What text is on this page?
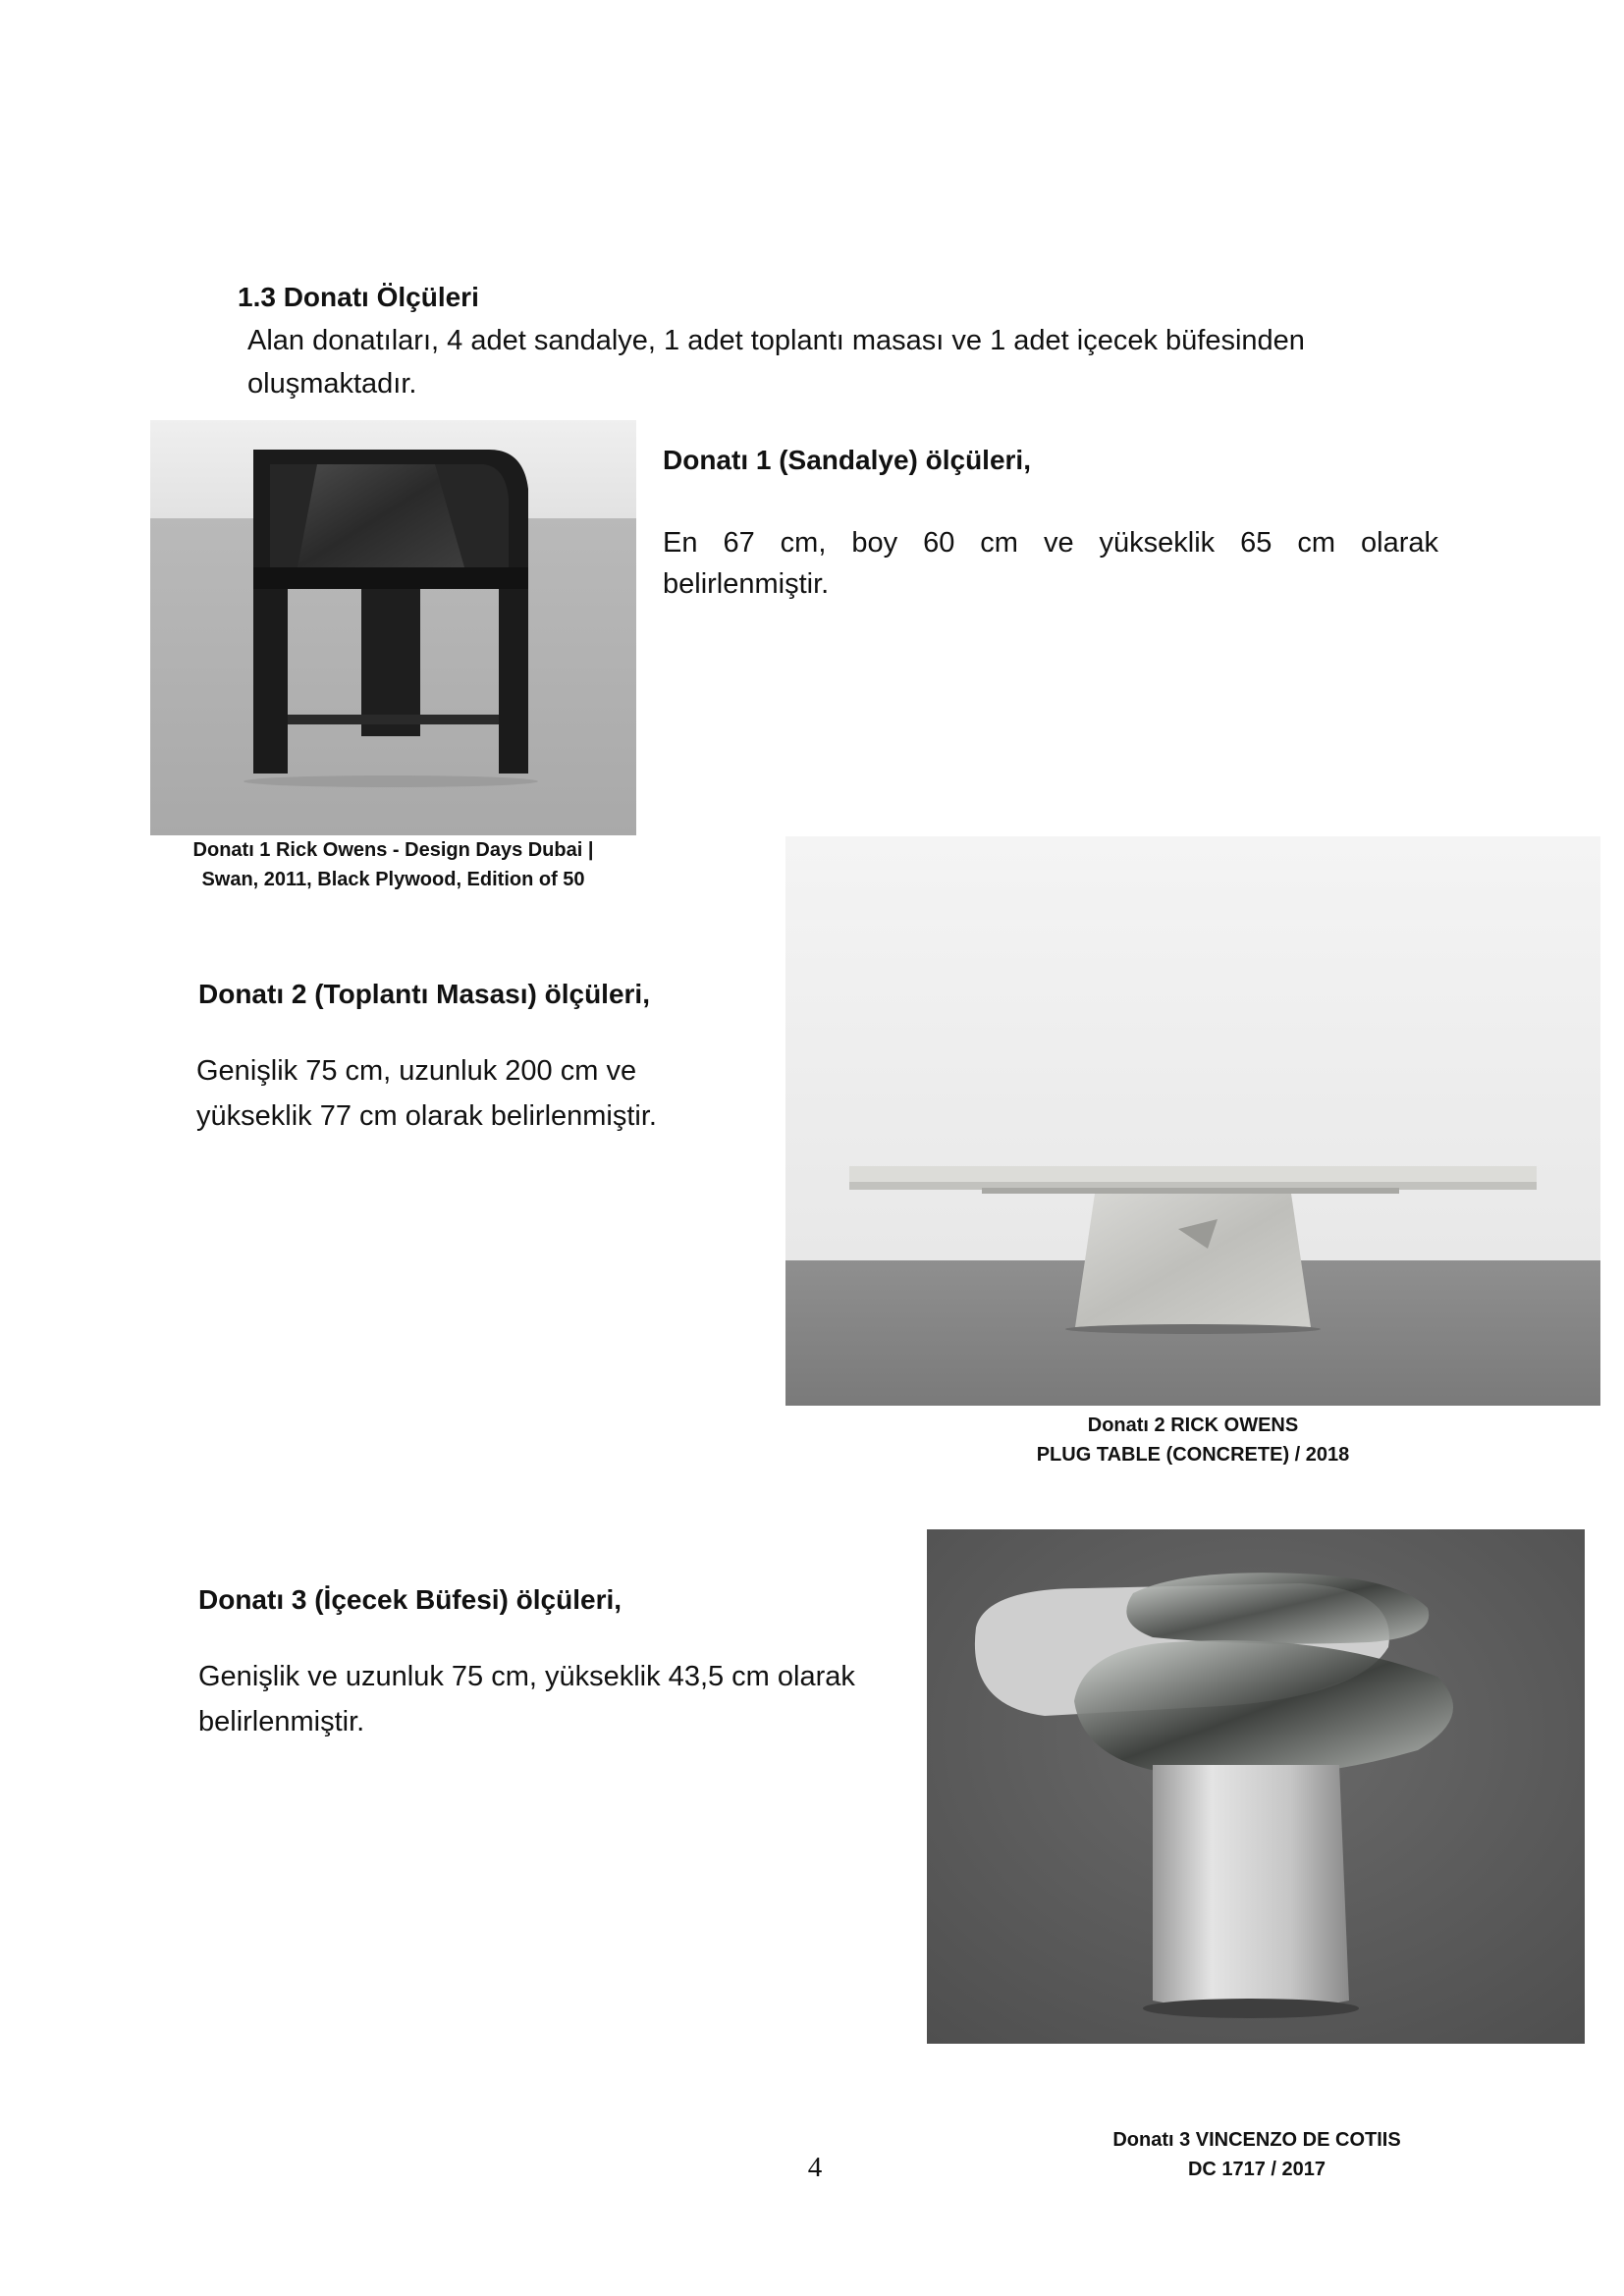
1.3 Donatı Ölçüleri
Alan donatıları, 4 adet sandalye, 1 adet toplantı masası ve 1 adet içecek büfesinden
oluşmaktadır.
Donatı 1 (Sandalye) ölçüleri,
En 67 cm, boy 60 cm ve yükseklik 65 cm olarak
belirlenmiştir.
Donatı 1 Rick Owens - Design Days Dubai |
Swan, 2011, Black Plywood, Edition of 50
Donatı 2 (Toplantı Masası) ölçüleri,
Genişlik 75 cm, uzunluk 200 cm ve
yükseklik 77 cm olarak belirlenmiştir.
Donatı 2 RICK OWENS
PLUG TABLE (CONCRETE) / 2018
Donatı 3 (İçecek Büfesi) ölçüleri,
Genişlik ve uzunluk 75 cm, yükseklik 43,5 cm olarak
belirlenmiştir.
Donatı 3 VINCENZO DE COTIIS
DC 1717 / 2017
4
